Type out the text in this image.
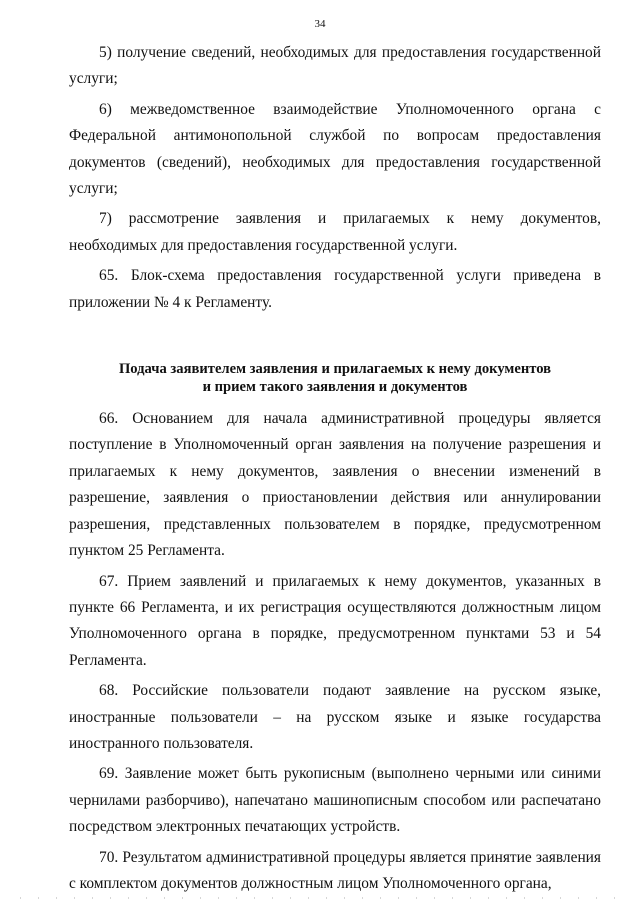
34

5) получение сведений, необходимых для предоставления государственной услуги;

6) межведомственное взаимодействие Уполномоченного органа с Федеральной антимонопольной службой по вопросам предоставления документов (сведений), необходимых для предоставления государственной услуги;

7) рассмотрение заявления и прилагаемых к нему документов, необходимых для предоставления государственной услуги.

65. Блок-схема предоставления государственной услуги приведена в приложении № 4 к Регламенту.

Подача заявителем заявления и прилагаемых к нему документов
и прием такого заявления и документов

66. Основанием для начала административной процедуры является поступление в Уполномоченный орган заявления на получение разрешения и прилагаемых к нему документов, заявления о внесении изменений в разрешение, заявления о приостановлении действия или аннулировании разрешения, представленных пользователем в порядке, предусмотренном пунктом 25 Регламента.

67. Прием заявлений и прилагаемых к нему документов, указанных в пункте 66 Регламента, и их регистрация осуществляются должностным лицом Уполномоченного органа в порядке, предусмотренном пунктами 53 и 54 Регламента.

68. Российские пользователи подают заявление на русском языке, иностранные пользователи – на русском языке и языке государства иностранного пользователя.

69. Заявление может быть рукописным (выполнено черными или синими чернилами разборчиво), напечатано машинописным способом или распечатано посредством электронных печатающих устройств.

70. Результатом административной процедуры является принятие заявления с комплектом документов должностным лицом Уполномоченного органа,
